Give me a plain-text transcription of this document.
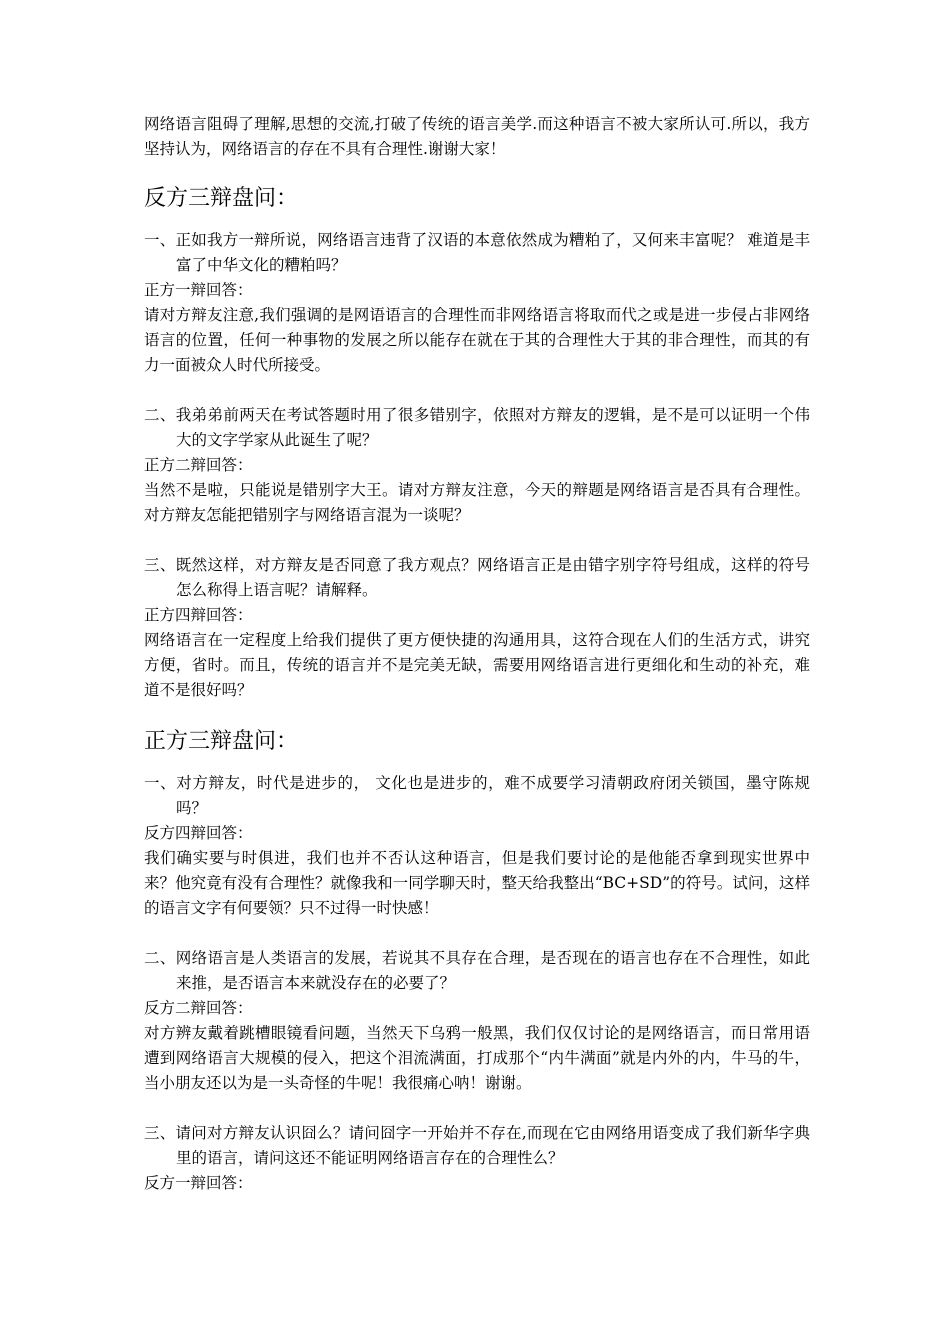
网络语言阻碍了理解,思想的交流,打破了传统的语言美学.而这种语言不被大家所认可.所以，我方坚持认为，网络语言的存在不具有合理性.谢谢大家！

反方三辩盘问：

一、正如我方一辩所说，网络语言违背了汉语的本意依然成为糟粕了，又何来丰富呢？ 难道是丰富了中华文化的糟粕吗？

正方一辩回答：

请对方辩友注意,我们强调的是网语语言的合理性而非网络语言将取而代之或是进一步侵占非网络语言的位置，任何一种事物的发展之所以能存在就在于其的合理性大于其的非合理性，而其的有力一面被众人时代所接受。

二、我弟弟前两天在考试答题时用了很多错别字，依照对方辩友的逻辑，是不是可以证明一个伟大的文字学家从此诞生了呢？

正方二辩回答：

当然不是啦，只能说是错别字大王。请对方辩友注意，今天的辩题是网络语言是否具有合理性。对方辩友怎能把错别字与网络语言混为一谈呢？

三、既然这样，对方辩友是否同意了我方观点？网络语言正是由错字别字符号组成，这样的符号怎么称得上语言呢？请解释。

正方四辩回答：

网络语言在一定程度上给我们提供了更方便快捷的沟通用具，这符合现在人们的生活方式，讲究方便，省时。而且，传统的语言并不是完美无缺，需要用网络语言进行更细化和生动的补充，难道不是很好吗？

正方三辩盘问：

一、对方辩友，时代是进步的， 文化也是进步的，难不成要学习清朝政府闭关锁国，墨守陈规吗？

反方四辩回答：

我们确实要与时俱进，我们也并不否认这种语言，但是我们要讨论的是他能否拿到现实世界中来？他究竟有没有合理性？就像我和一同学聊天时，整天给我整出“BC+SD”的符号。试问，这样的语言文字有何要领？只不过得一时快感！

二、网络语言是人类语言的发展，若说其不具存在合理，是否现在的语言也存在不合理性，如此来推，是否语言本来就没存在的必要了？

反方二辩回答：

对方辨友戴着跳槽眼镜看问题，当然天下乌鸦一般黑，我们仅仅讨论的是网络语言，而日常用语遭到网络语言大规模的侵入，把这个泪流满面，打成那个“内牛满面”就是内外的内，牛马的牛，当小朋友还以为是一头奇怪的牛呢！我很痛心呐！谢谢。

三、请问对方辩友认识囧么？请问囧字一开始并不存在,而现在它由网络用语变成了我们新华字典里的语言，请问这还不能证明网络语言存在的合理性么？

反方一辩回答：
